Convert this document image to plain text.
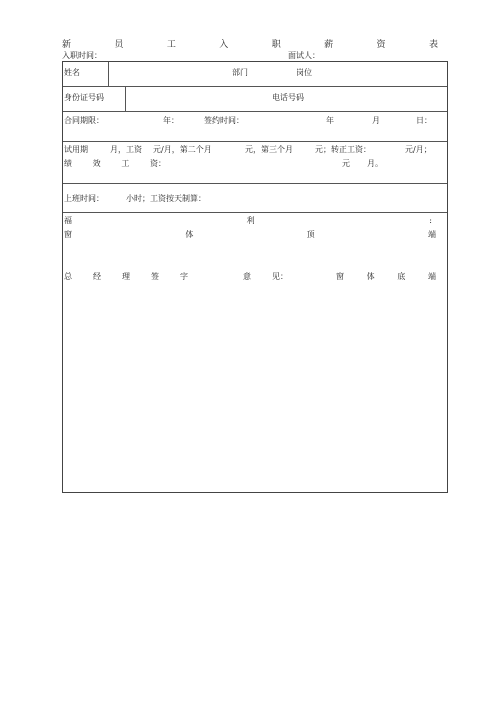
新	员	工	入	职	薪	资	表
入职时间：	面试人：
姓名	部门	岗位
身份证号码	电话号码
合同期限：	年：	签约时间：	年	月	日：
试用期	月，工资 元/月，第二个月	元，第三个月	元；转正工资：	元/月；
绩	效	工	资：	元 月。
上班时间：	小时；工资按天制算：
福	利	:
窗	体	顶	端
总	经	理	签	字	意	见：	窗	体	底	端
